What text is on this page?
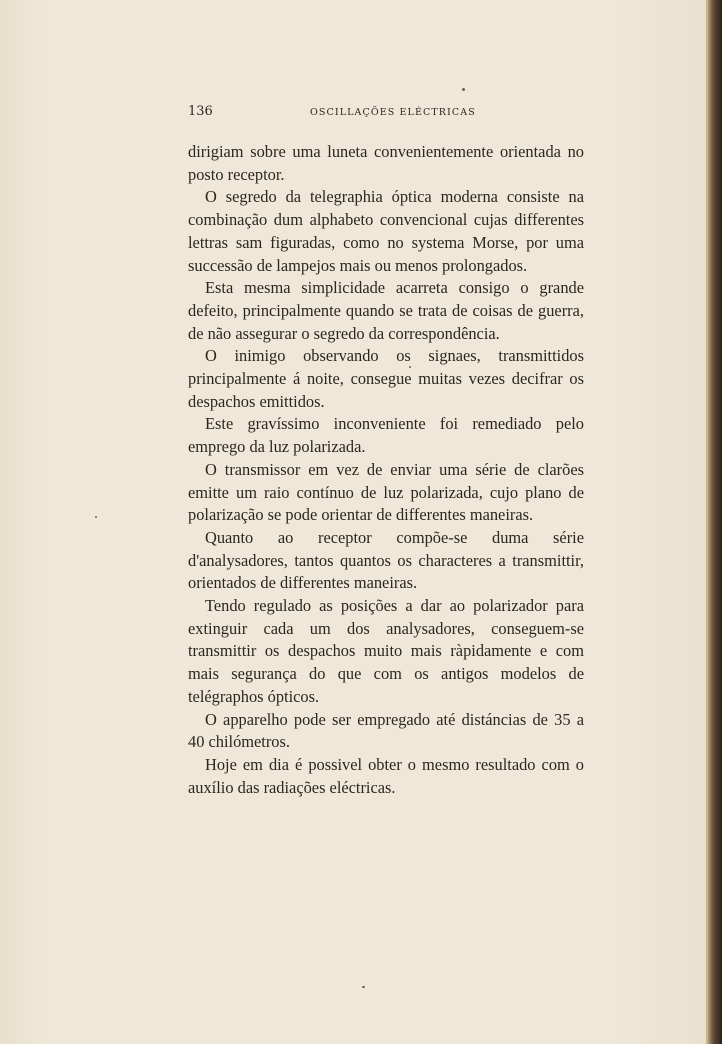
136	OSCILLAÇÕES ELÉCTRICAS

dirigiam sobre uma luneta convenientemente orientada no posto receptor.

O segredo da telegraphia óptica moderna consiste na combinação dum alphabeto convencional cujas differentes lettras sam figuradas, como no systema Morse, por uma successão de lampejos mais ou menos prolongados.

Esta mesma simplicidade acarreta consigo o grande defeito, principalmente quando se trata de coisas de guerra, de não assegurar o segredo da correspondência.

O inimigo observando os signaes, transmittidos principalmente á noite, consegue muitas vezes decifrar os despachos emittidos.

Este gravíssimo inconveniente foi remediado pelo emprego da luz polarizada.

O transmissor em vez de enviar uma série de clarões emitte um raio contínuo de luz polarizada, cujo plano de polarização se pode orientar de differentes maneiras.

Quanto ao receptor compõe-se duma série d'analysadores, tantos quantos os characteres a transmittir, orientados de differentes maneiras.

Tendo regulado as posições a dar ao polarizador para extinguir cada um dos analysadores, conseguem-se transmittir os despachos muito mais ràpidamente e com mais segurança do que com os antigos modelos de telégraphos ópticos.

O apparelho pode ser empregado até distáncias de 35 a 40 chilómetros.

Hoje em dia é possivel obter o mesmo resultado com o auxílio das radiações eléctricas.
